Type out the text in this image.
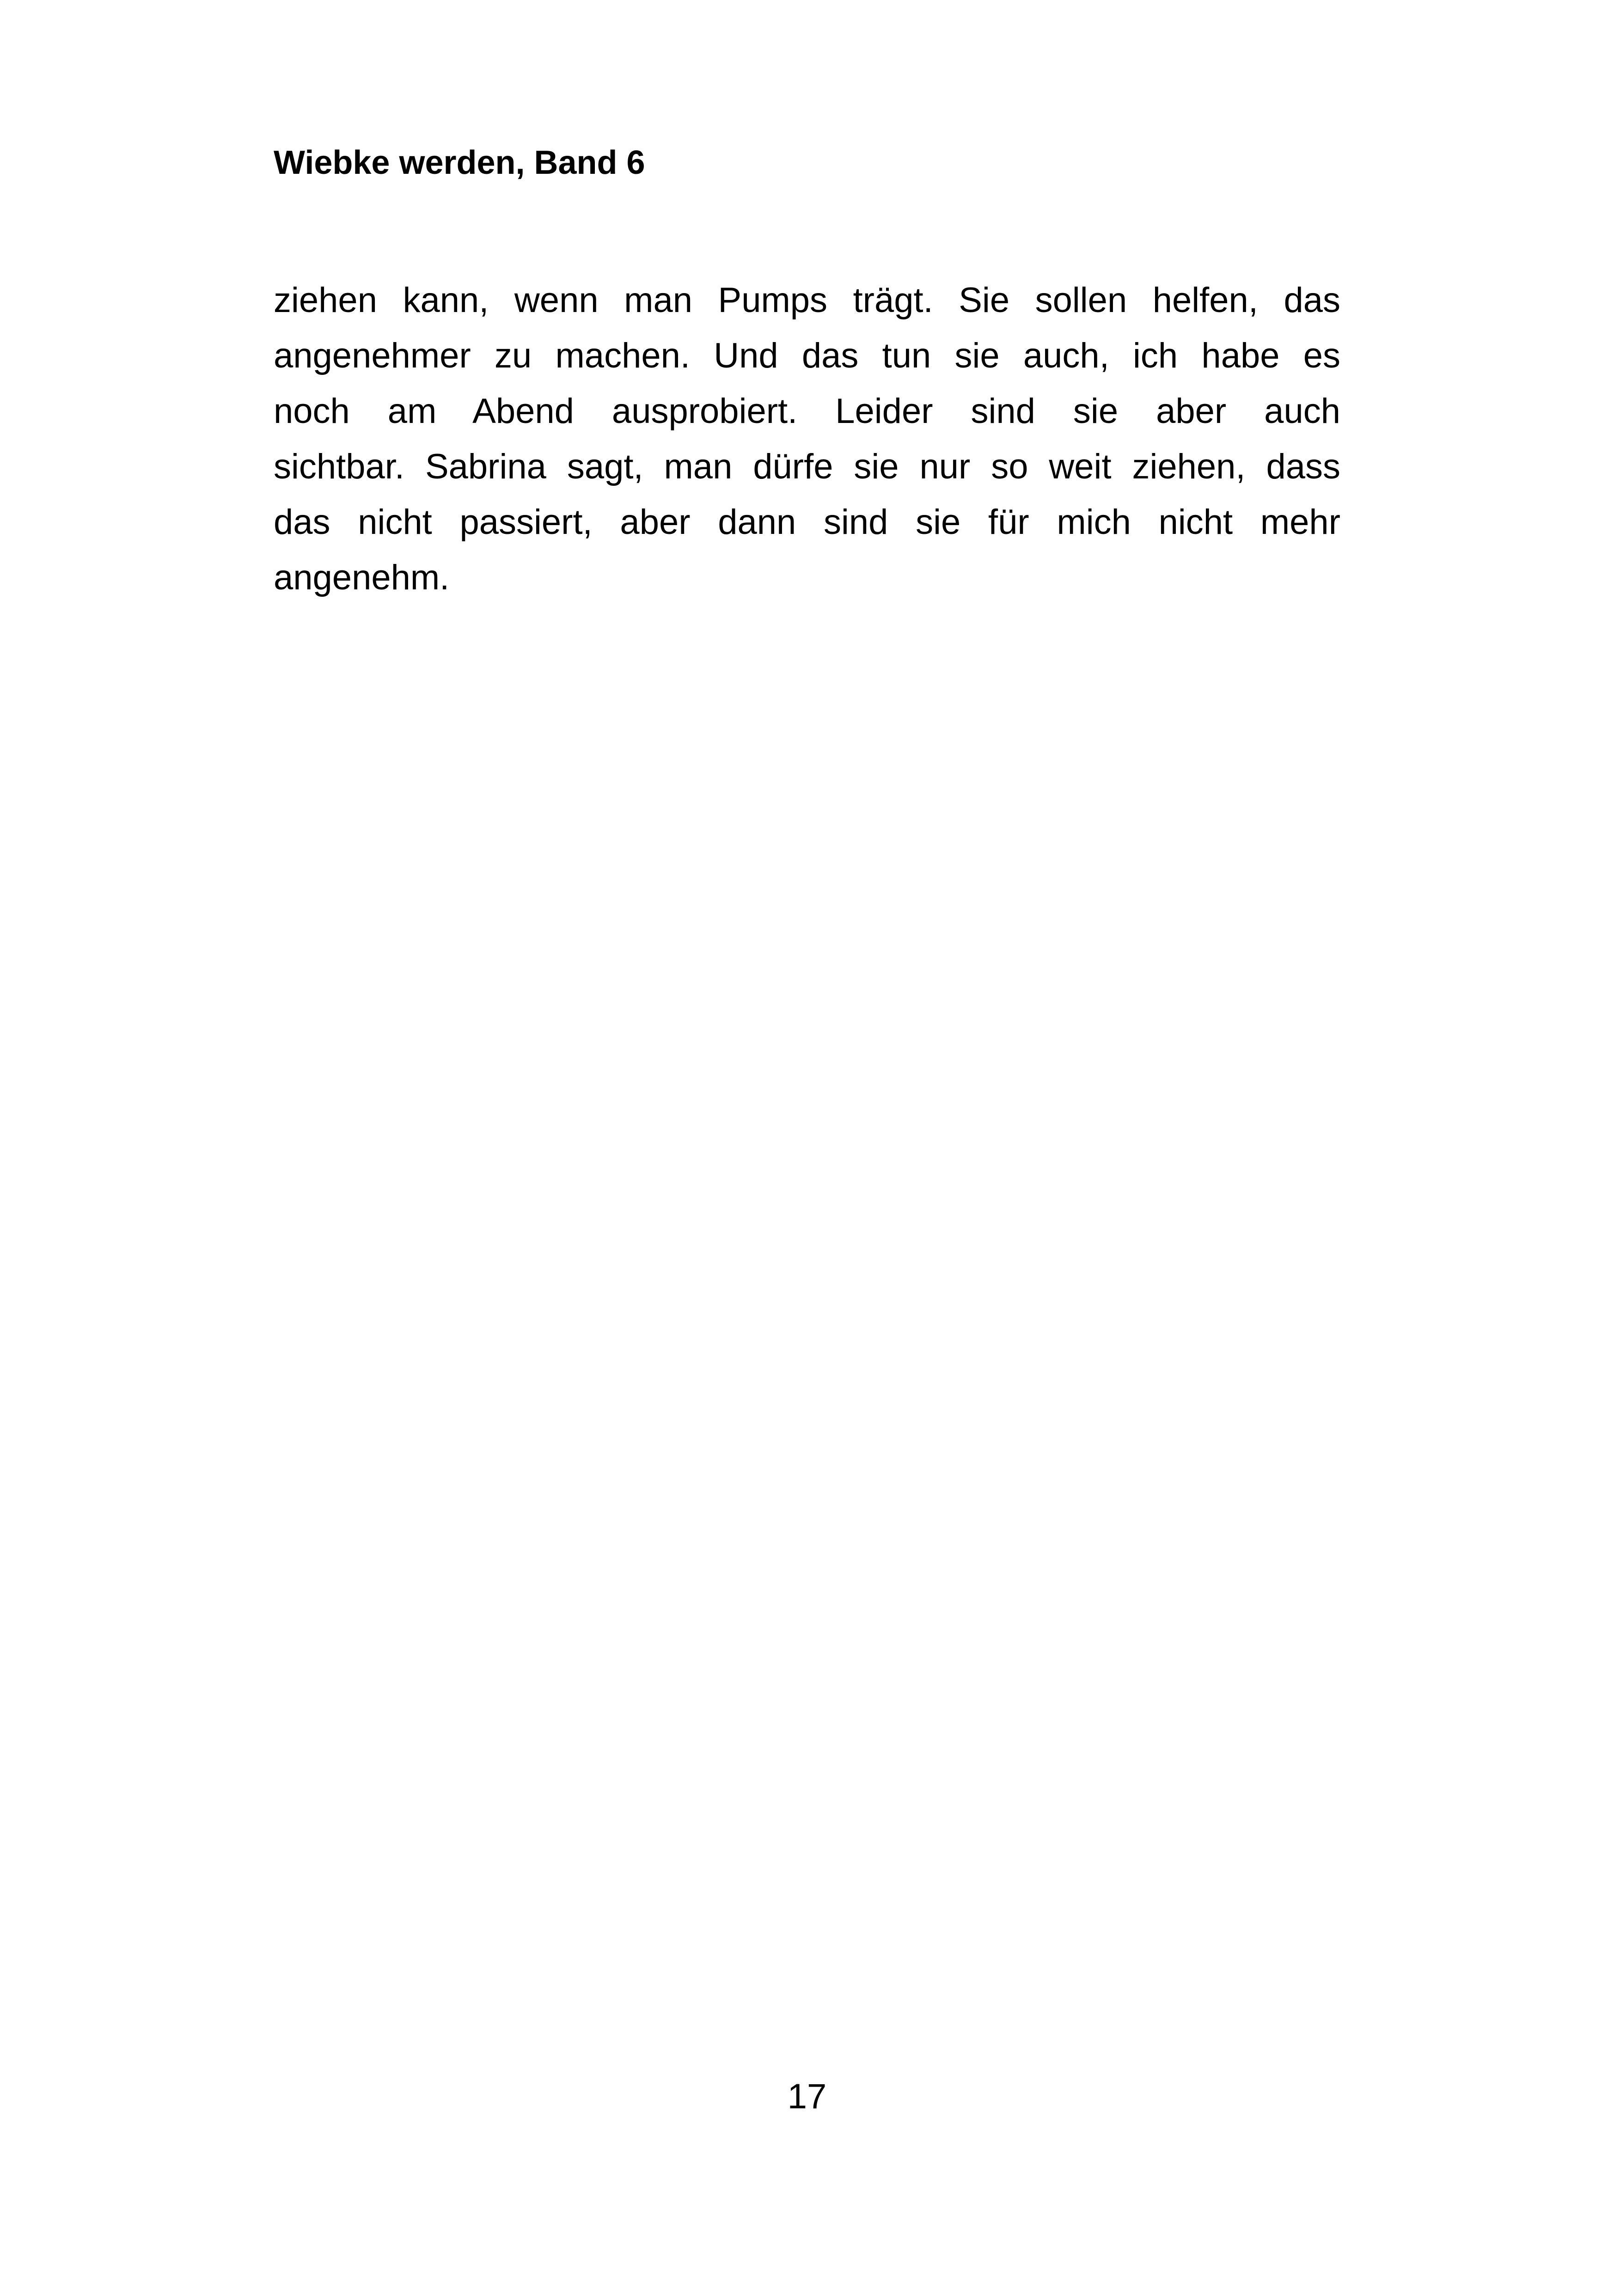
Wiebke werden, Band 6
ziehen kann, wenn man Pumps trägt. Sie sollen helfen, das
angenehmer zu machen. Und das tun sie auch, ich habe es
noch am Abend ausprobiert. Leider sind sie aber auch
sichtbar. Sabrina sagt, man dürfe sie nur so weit ziehen, dass
das nicht passiert, aber dann sind sie für mich nicht mehr
angenehm.
17
